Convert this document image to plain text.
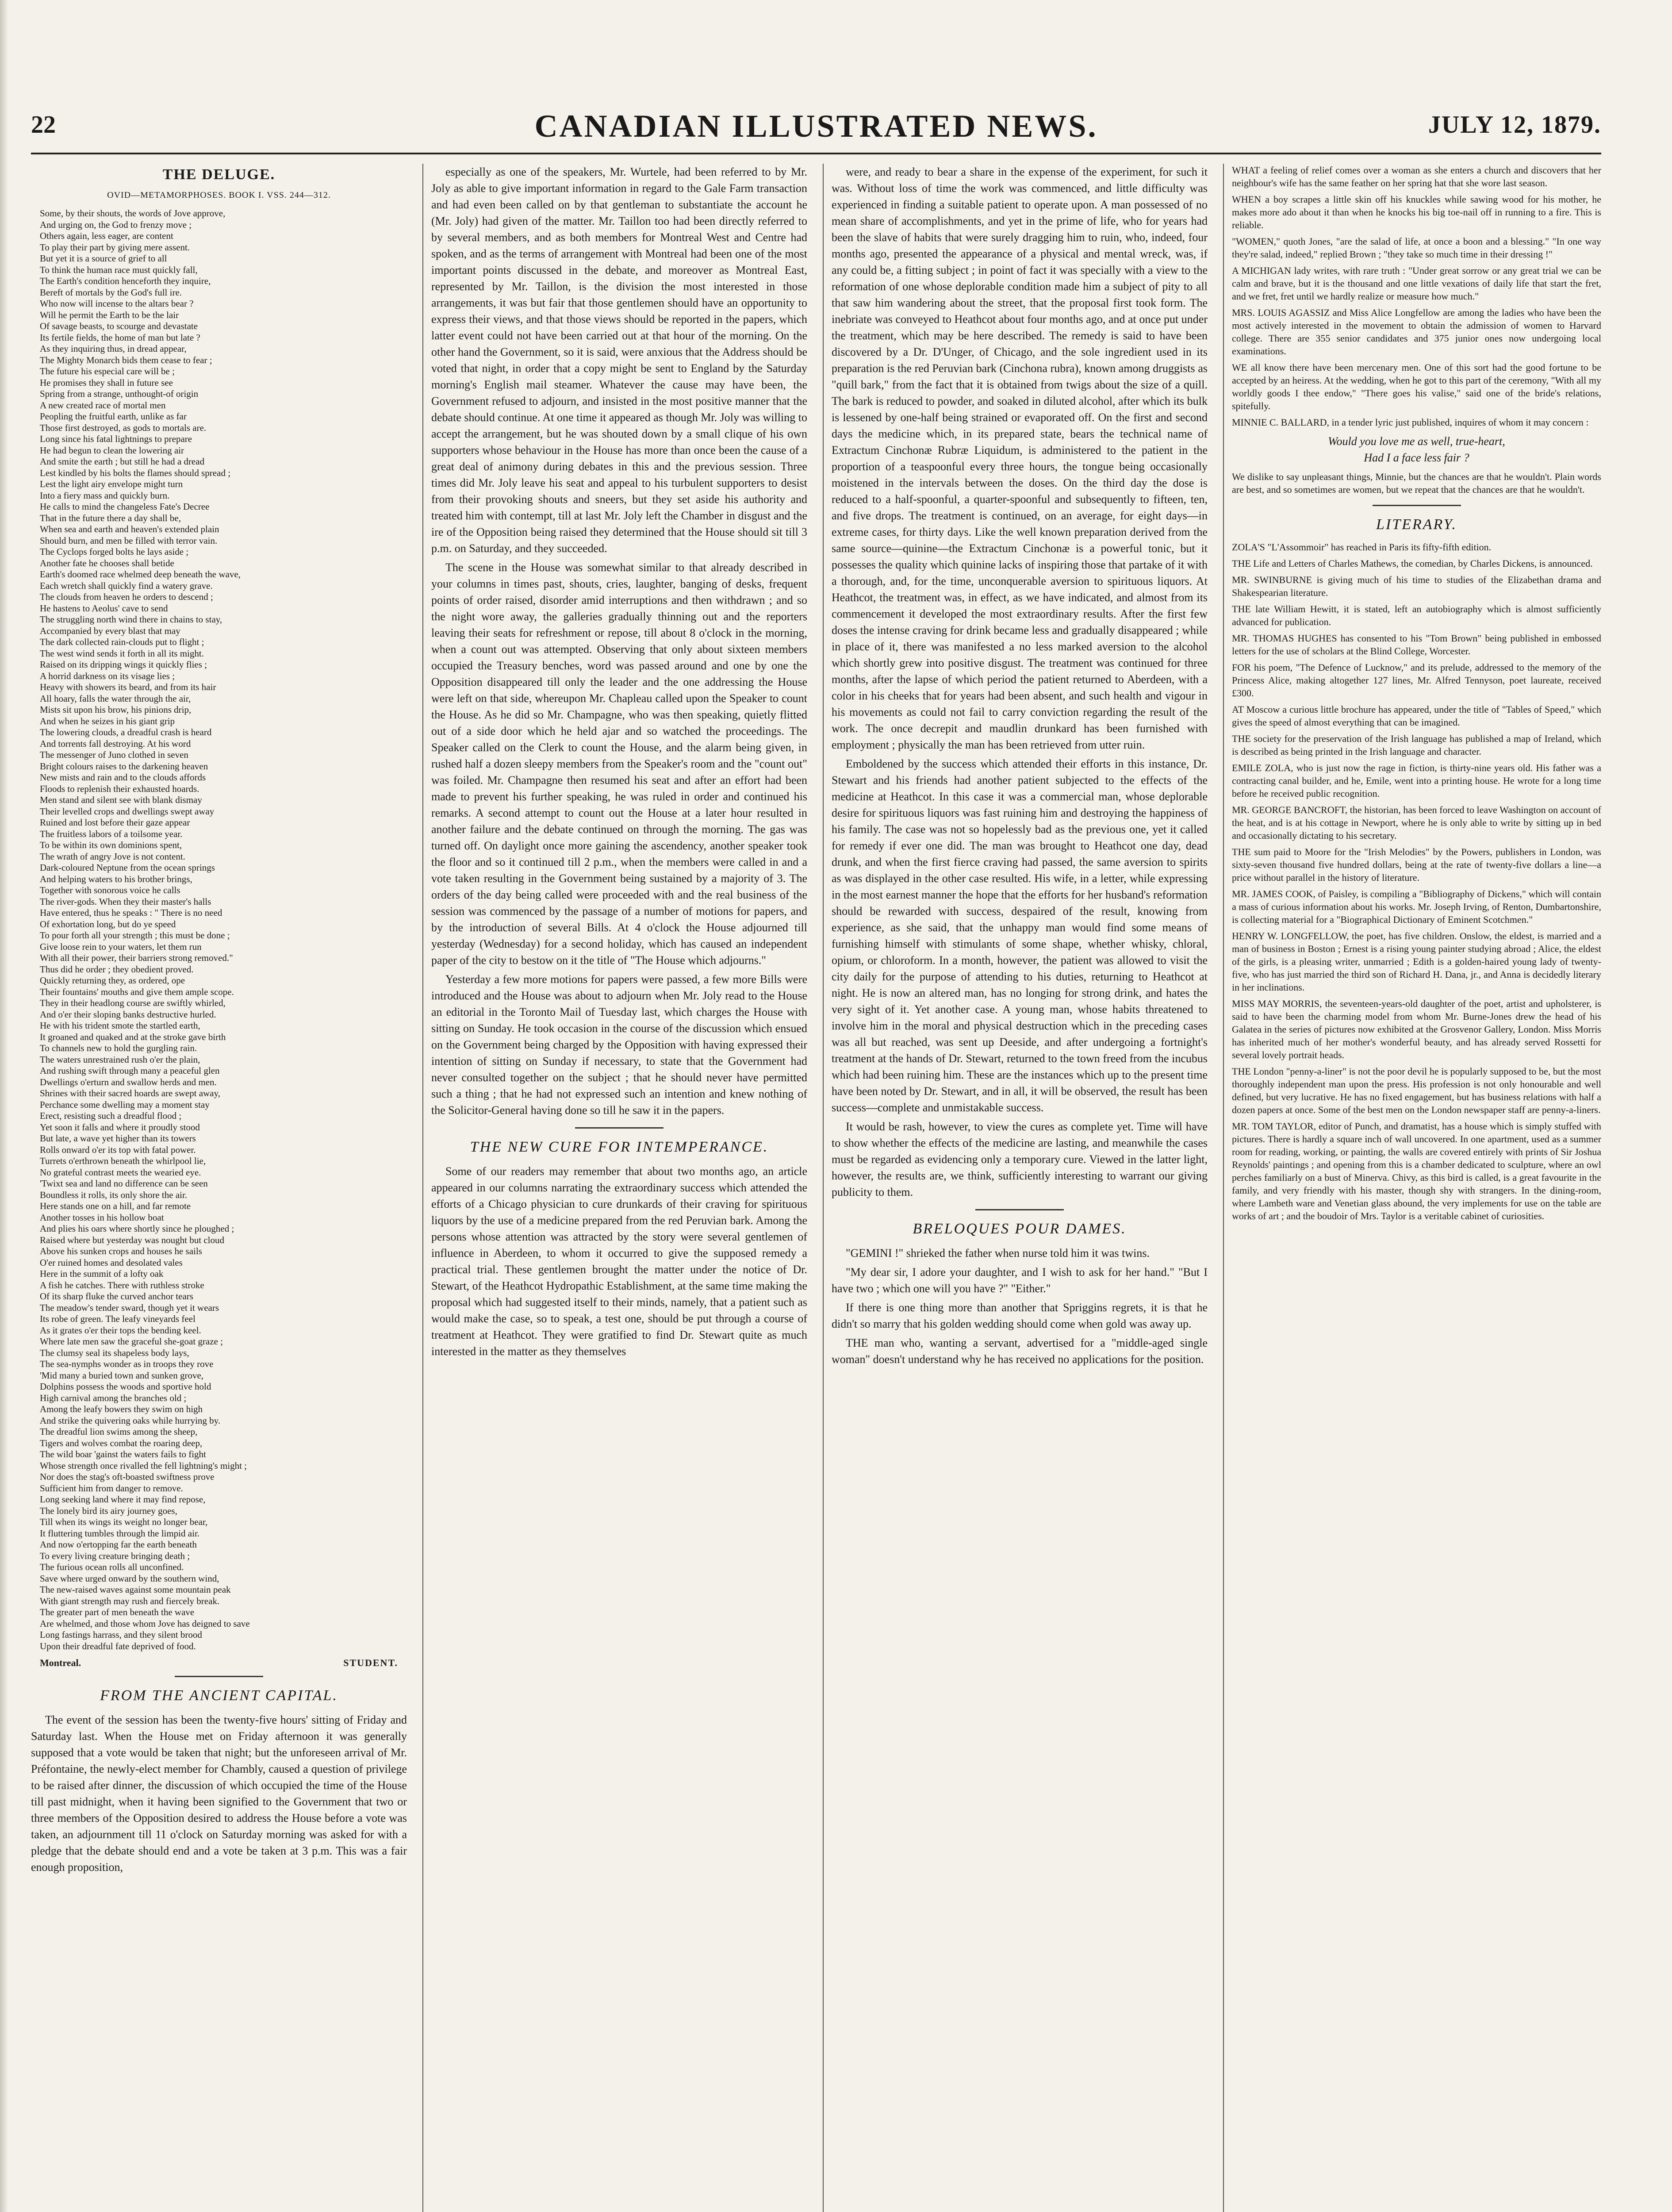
22	CANADIAN ILLUSTRATED NEWS.	JULY 12, 1879.
THE DELUGE.
OVID—METAMORPHOSES. BOOK I. VSS. 244—312.
Some, by their shouts, the words of Jove approve,
And urging on, the God to frenzy move ;
Others again, less eager, are content
To play their part by giving mere assent.
But yet it is a source of grief to all
To think the human race must quickly fall,
The Earth's condition henceforth they inquire,
Bereft of mortals by the God's full ire.
Who now will incense to the altars bear ?
Will he permit the Earth to be the lair
Of savage beasts, to scourge and devastate
Its fertile fields, the home of man but late ?
As they inquiring thus, in dread appear,
The Mighty Monarch bids them cease to fear ;
The future his especial care will be ;
He promises they shall in future see
Spring from a strange, unthought-of origin
A new created race of mortal men
Peopling the fruitful earth, unlike as far
Those first destroyed, as gods to mortals are.
Long since his fatal lightnings to prepare
He had begun to clean the lowering air
And smite the earth ; but still he had a dread
Lest kindled by his bolts the flames should spread ;
Lest the light airy envelope might turn
Into a fiery mass and quickly burn.
He calls to mind the changeless Fate's Decree
That in the future there a day shall be,
When sea and earth and heaven's extended plain
Should burn, and men be filled with terror vain.
The Cyclops forged bolts he lays aside ;
Another fate he chooses shall betide
Earth's doomed race whelmed deep beneath the wave,
Each wretch shall quickly find a watery grave.
The clouds from heaven he orders to descend ;
He hastens to Aeolus' cave to send
The struggling north wind there in chains to stay,
Accompanied by every blast that may
The dark collected rain-clouds put to flight ;
The west wind sends it forth in all its might.
Raised on its dripping wings it quickly flies ;
A horrid darkness on its visage lies ;
Heavy with showers its beard, and from its hair
All hoary, falls the water through the air,
Mists sit upon his brow, his pinions drip,
And when he seizes in his giant grip
The lowering clouds, a dreadful crash is heard
And torrents fall destroying. At his word
The messenger of Juno clothed in seven
Bright colours raises to the darkening heaven
New mists and rain and to the clouds affords
Floods to replenish their exhausted hoards.
Men stand and silent see with blank dismay
Their levelled crops and dwellings swept away
Ruined and lost before their gaze appear
The fruitless labors of a toilsome year.
To be within its own dominions spent,
The wrath of angry Jove is not content.
Dark-coloured Neptune from the ocean springs
And helping waters to his brother brings,
Together with sonorous voice he calls
The river-gods. When they their master's halls
Have entered, thus he speaks : " There is no need
Of exhortation long, but do ye speed
To pour forth all your strength ; this must be done ;
Give loose rein to your waters, let them run
With all their power, their barriers strong removed."
Thus did he order ; they obedient proved.
Quickly returning they, as ordered, ope
Their fountains' mouths and give them ample scope.
They in their headlong course are swiftly whirled,
And o'er their sloping banks destructive hurled.
He with his trident smote the startled earth,
It groaned and quaked and at the stroke gave birth
To channels new to hold the gurgling rain.
The waters unrestrained rush o'er the plain,
And rushing swift through many a peaceful glen
Dwellings o'erturn and swallow herds and men.
Shrines with their sacred hoards are swept away,
Perchance some dwelling may a moment stay
Erect, resisting such a dreadful flood ;
Yet soon it falls and where it proudly stood
But late, a wave yet higher than its towers
Rolls onward o'er its top with fatal power.
Turrets o'erthrown beneath the whirlpool lie,
No grateful contrast meets the wearied eye.
'Twixt sea and land no difference can be seen
Boundless it rolls, its only shore the air.
Here stands one on a hill, and far remote
Another tosses in his hollow boat
And plies his oars where shortly since he ploughed ;
Raised where but yesterday was nought but cloud
Above his sunken crops and houses he sails
O'er ruined homes and desolated vales
Here in the summit of a lofty oak
A fish he catches. There with ruthless stroke
Of its sharp fluke the curved anchor tears
The meadow's tender sward, though yet it wears
Its robe of green. The leafy vineyards feel
As it grates o'er their tops the bending keel.
Where late men saw the graceful she-goat graze ;
The clumsy seal its shapeless body lays,
The sea-nymphs wonder as in troops they rove
'Mid many a buried town and sunken grove,
Dolphins possess the woods and sportive hold
High carnival among the branches old ;
Among the leafy bowers they swim on high
And strike the quivering oaks while hurrying by.
The dreadful lion swims among the sheep,
Tigers and wolves combat the roaring deep,
The wild boar 'gainst the waters fails to fight
Whose strength once rivalled the fell lightning's might ;
Nor does the stag's oft-boasted swiftness prove
Sufficient him from danger to remove.
Long seeking land where it may find repose,
The lonely bird its airy journey goes,
Till when its wings its weight no longer bear,
It fluttering tumbles through the limpid air.
And now o'ertopping far the earth beneath
To every living creature bringing death ;
The furious ocean rolls all unconfined.
Save where urged onward by the southern wind,
The new-raised waves against some mountain peak
With giant strength may rush and fiercely break.
The greater part of men beneath the wave
Are whelmed, and those whom Jove has deigned to save
Long fastings harrass, and they silent brood
Upon their dreadful fate deprived of food.
Montreal.	STUDENT.
FROM THE ANCIENT CAPITAL.

The event of the session has been the twenty-five hours' sitting of Friday and Saturday last. When the House met on Friday afternoon it was generally supposed that a vote would be taken that night; but the unforeseen arrival of Mr. Préfontaine, the newly-elect member for Chambly, caused a question of privilege to be raised after dinner, the discussion of which occupied the time of the House till past midnight, when it having been signified to the Government that two or three members of the Opposition desired to address the House before a vote was taken, an adjournment till 11 o'clock on Saturday morning was asked for with a pledge that the debate should end and a vote be taken at 3 p.m. This was a fair enough proposition,

especially as one of the speakers, Mr. Wurtele, had been referred to by Mr. Joly as able to give important information in regard to the Gale Farm transaction and had even been called on by that gentleman to substantiate the account he (Mr. Joly) had given of the matter. Mr. Taillon too had been directly referred to by several members, and as both members for Montreal West and Centre had spoken, and as the terms of arrangement with Montreal had been one of the most important points discussed in the debate, and moreover as Montreal East, represented by Mr. Taillon, is the division the most interested in those arrangements, it was but fair that those gentlemen should have an opportunity to express their views, and that those views should be reported in the papers, which latter event could not have been carried out at that hour of the morning. On the other hand the Government, so it is said, were anxious that the Address should be voted that night, in order that a copy might be sent to England by the Saturday morning's English mail steamer. Whatever the cause may have been, the Government refused to adjourn, and insisted in the most positive manner that the debate should continue. At one time it appeared as though Mr. Joly was willing to accept the arrangement, but he was shouted down by a small clique of his own supporters whose behaviour in the House has more than once been the cause of a great deal of animony during debates in this and the previous session. Three times did Mr. Joly leave his seat and appeal to his turbulent supporters to desist from their provoking shouts and sneers, but they set aside his authority and treated him with contempt, till at last Mr. Joly left the Chamber in disgust and the ire of the Opposition being raised they determined that the House should sit till 3 p.m. on Saturday, and they succeeded.

The scene in the House was somewhat similar to that already described in your columns in times past, shouts, cries, laughter, banging of desks, frequent points of order raised, disorder amid interruptions and then withdrawn ; and so the night wore away, the galleries gradually thinning out and the reporters leaving their seats for refreshment or repose, till about 8 o'clock in the morning, when a count out was attempted. Observing that only about sixteen members occupied the Treasury benches, word was passed around and one by one the Opposition disappeared till only the leader and the one addressing the House were left on that side, whereupon Mr. Chapleau called upon the Speaker to count the House. As he did so Mr. Champagne, who was then speaking, quietly flitted out of a side door which he held ajar and so watched the proceedings. The Speaker called on the Clerk to count the House, and the alarm being given, in rushed half a dozen sleepy members from the Speaker's room and the "count out" was foiled. Mr. Champagne then resumed his seat and after an effort had been made to prevent his further speaking, he was ruled in order and continued his remarks. A second attempt to count out the House at a later hour resulted in another failure and the debate continued on through the morning. The gas was turned off. On daylight once more gaining the ascendency, another speaker took the floor and so it continued till 2 p.m., when the members were called in and a vote taken resulting in the Government being sustained by a majority of 3. The orders of the day being called were proceeded with and the real business of the session was commenced by the passage of a number of motions for papers, and by the introduction of several Bills. At 4 o'clock the House adjourned till yesterday (Wednesday) for a second holiday, which has caused an independent paper of the city to bestow on it the title of "The House which adjourns."

Yesterday a few more motions for papers were passed, a few more Bills were introduced and the House was about to adjourn when Mr. Joly read to the House an editorial in the Toronto Mail of Tuesday last, which charges the House with sitting on Sunday. He took occasion in the course of the discussion which ensued on the Government being charged by the Opposition with having expressed their intention of sitting on Sunday if necessary, to state that the Government had never consulted together on the subject ; that he should never have permitted such a thing ; that he had not expressed such an intention and knew nothing of the Solicitor-General having done so till he saw it in the papers.

THE NEW CURE FOR INTEMPERANCE.

Some of our readers may remember that about two months ago, an article appeared in our columns narrating the extraordinary success which attended the efforts of a Chicago physician to cure drunkards of their craving for spirituous liquors by the use of a medicine prepared from the red Peruvian bark. Among the persons whose attention was attracted by the story were several gentlemen of influence in Aberdeen, to whom it occurred to give the supposed remedy a practical trial. These gentlemen brought the matter under the notice of Dr. Stewart, of the Heathcot Hydropathic Establishment, at the same time making the proposal which had suggested itself to their minds, namely, that a patient such as would make the case, so to speak, a test one, should be put through a course of treatment at Heathcot. They were gratified to find Dr. Stewart quite as much interested in the matter as they themselves

were, and ready to bear a share in the expense of the experiment, for such it was. Without loss of time the work was commenced, and little difficulty was experienced in finding a suitable patient to operate upon. A man possessed of no mean share of accomplishments, and yet in the prime of life, who for years had been the slave of habits that were surely dragging him to ruin, who, indeed, four months ago, presented the appearance of a physical and mental wreck, was, if any could be, a fitting subject ; in point of fact it was specially with a view to the reformation of one whose deplorable condition made him a subject of pity to all that saw him wandering about the street, that the proposal first took form. The inebriate was conveyed to Heathcot about four months ago, and at once put under the treatment, which may be here described. The remedy is said to have been discovered by a Dr. D'Unger, of Chicago, and the sole ingredient used in its preparation is the red Peruvian bark (Cinchona rubra), known among druggists as "quill bark," from the fact that it is obtained from twigs about the size of a quill. The bark is reduced to powder, and soaked in diluted alcohol, after which its bulk is lessened by one-half being strained or evaporated off. On the first and second days the medicine which, in its prepared state, bears the technical name of Extractum Cinchonæ Rubræ Liquidum, is administered to the patient in the proportion of a teaspoonful every three hours, the tongue being occasionally moistened in the intervals between the doses. On the third day the dose is reduced to a half-spoonful, a quarter-spoonful and subsequently to fifteen, ten, and five drops. The treatment is continued, on an average, for eight days—in extreme cases, for thirty days. Like the well known preparation derived from the same source—quinine—the Extractum Cinchonæ is a powerful tonic, but it possesses the quality which quinine lacks of inspiring those that partake of it with a thorough, and, for the time, unconquerable aversion to spirituous liquors. At Heathcot, the treatment was, in effect, as we have indicated, and almost from its commencement it developed the most extraordinary results. After the first few doses the intense craving for drink became less and gradually disappeared ; while in place of it, there was manifested a no less marked aversion to the alcohol which shortly grew into positive disgust. The treatment was continued for three months, after the lapse of which period the patient returned to Aberdeen, with a color in his cheeks that for years had been absent, and such health and vigour in his movements as could not fail to carry conviction regarding the result of the work. The once decrepit and maudlin drunkard has been furnished with employment ; physically the man has been retrieved from utter ruin.

Emboldened by the success which attended their efforts in this instance, Dr. Stewart and his friends had another patient subjected to the effects of the medicine at Heathcot. In this case it was a commercial man, whose deplorable desire for spirituous liquors was fast ruining him and destroying the happiness of his family. The case was not so hopelessly bad as the previous one, yet it called for remedy if ever one did. The man was brought to Heathcot one day, dead drunk, and when the first fierce craving had passed, the same aversion to spirits as was displayed in the other case resulted. His wife, in a letter, while expressing in the most earnest manner the hope that the efforts for her husband's reformation should be rewarded with success, despaired of the result, knowing from experience, as she said, that the unhappy man would find some means of furnishing himself with stimulants of some shape, whether whisky, chloral, opium, or chloroform. In a month, however, the patient was allowed to visit the city daily for the purpose of attending to his duties, returning to Heathcot at night. He is now an altered man, has no longing for strong drink, and hates the very sight of it. Yet another case. A young man, whose habits threatened to involve him in the moral and physical destruction which in the preceding cases was all but reached, was sent up Deeside, and after undergoing a fortnight's treatment at the hands of Dr. Stewart, returned to the town freed from the incubus which had been ruining him. These are the instances which up to the present time have been noted by Dr. Stewart, and in all, it will be observed, the result has been success—complete and unmistakable success.

It would be rash, however, to view the cures as complete yet. Time will have to show whether the effects of the medicine are lasting, and meanwhile the cases must be regarded as evidencing only a temporary cure. Viewed in the latter light, however, the results are, we think, sufficiently interesting to warrant our giving publicity to them.

BRELOQUES POUR DAMES.

"GEMINI !" shrieked the father when nurse told him it was twins.

"My dear sir, I adore your daughter, and I wish to ask for her hand." "But I have two ; which one will you have ?" "Either."

If there is one thing more than another that Spriggins regrets, it is that he didn't so marry that his golden wedding should come when gold was away up.

THE man who, wanting a servant, advertised for a "middle-aged single woman" doesn't understand why he has received no applications for the position.

WHAT a feeling of relief comes over a woman as she enters a church and discovers that her neighbour's wife has the same feather on her spring hat that she wore last season.

WHEN a boy scrapes a little skin off his knuckles while sawing wood for his mother, he makes more ado about it than when he knocks his big toe-nail off in running to a fire. This is reliable.

"WOMEN," quoth Jones, "are the salad of life, at once a boon and a blessing." "In one way they're salad, indeed," replied Brown ; "they take so much time in their dressing !"

A MICHIGAN lady writes, with rare truth : "Under great sorrow or any great trial we can be calm and brave, but it is the thousand and one little vexations of daily life that start the fret, and we fret, fret until we hardly realize or measure how much."

MRS. LOUIS AGASSIZ and Miss Alice Longfellow are among the ladies who have been the most actively interested in the movement to obtain the admission of women to Harvard college. There are 355 senior candidates and 375 junior ones now undergoing local examinations.

WE all know there have been mercenary men. One of this sort had the good fortune to be accepted by an heiress. At the wedding, when he got to this part of the ceremony, "With all my worldly goods I thee endow," "There goes his valise," said one of the bride's relations, spitefully.

MINNIE C. BALLARD, in a tender lyric just published, inquires of whom it may concern :

Would you love me as well, true-heart,
Had I a face less fair ?

We dislike to say unpleasant things, Minnie, but the chances are that he wouldn't. Plain words are best, and so sometimes are women, but we repeat that the chances are that he wouldn't.

LITERARY.

ZOLA'S "L'Assommoir" has reached in Paris its fifty-fifth edition.

THE Life and Letters of Charles Mathews, the comedian, by Charles Dickens, is announced.

MR. SWINBURNE is giving much of his time to studies of the Elizabethan drama and Shakespearian literature.

THE late William Hewitt, it is stated, left an autobiography which is almost sufficiently advanced for publication.

MR. THOMAS HUGHES has consented to his "Tom Brown" being published in embossed letters for the use of scholars at the Blind College, Worcester.

FOR his poem, "The Defence of Lucknow," and its prelude, addressed to the memory of the Princess Alice, making altogether 127 lines, Mr. Alfred Tennyson, poet laureate, received £300.

AT Moscow a curious little brochure has appeared, under the title of "Tables of Speed," which gives the speed of almost everything that can be imagined.

THE society for the preservation of the Irish language has published a map of Ireland, which is described as being printed in the Irish language and character.

EMILE ZOLA, who is just now the rage in fiction, is thirty-nine years old. His father was a contracting canal builder, and he, Emile, went into a printing house. He wrote for a long time before he received public recognition.

MR. GEORGE BANCROFT, the historian, has been forced to leave Washington on account of the heat, and is at his cottage in Newport, where he is only able to write by sitting up in bed and occasionally dictating to his secretary.

THE sum paid to Moore for the "Irish Melodies" by the Powers, publishers in London, was sixty-seven thousand five hundred dollars, being at the rate of twenty-five dollars a line—a price without parallel in the history of literature.

MR. JAMES COOK, of Paisley, is compiling a "Bibliography of Dickens," which will contain a mass of curious information about his works. Mr. Joseph Irving, of Renton, Dumbartonshire, is collecting material for a "Biographical Dictionary of Eminent Scotchmen."

HENRY W. LONGFELLOW, the poet, has five children. Onslow, the eldest, is married and a man of business in Boston ; Ernest is a rising young painter studying abroad ; Alice, the eldest of the girls, is a pleasing writer, unmarried ; Edith is a golden-haired young lady of twenty-five, who has just married the third son of Richard H. Dana, jr., and Anna is decidedly literary in her inclinations.

MISS MAY MORRIS, the seventeen-years-old daughter of the poet, artist and upholsterer, is said to have been the charming model from whom Mr. Burne-Jones drew the head of his Galatea in the series of pictures now exhibited at the Grosvenor Gallery, London. Miss Morris has inherited much of her mother's wonderful beauty, and has already served Rossetti for several lovely portrait heads.

THE London "penny-a-liner" is not the poor devil he is popularly supposed to be, but the most thoroughly independent man upon the press. His profession is not only honourable and well defined, but very lucrative. He has no fixed engagement, but has business relations with half a dozen papers at once. Some of the best men on the London newspaper staff are penny-a-liners.

MR. TOM TAYLOR, editor of Punch, and dramatist, has a house which is simply stuffed with pictures. There is hardly a square inch of wall uncovered. In one apartment, used as a summer room for reading, working, or painting, the walls are covered entirely with prints of Sir Joshua Reynolds' paintings ; and opening from this is a chamber dedicated to sculpture, where an owl perches familiarly on a bust of Minerva. Chivy, as this bird is called, is a great favourite in the family, and very friendly with his master, though shy with strangers. In the dining-room, where Lambeth ware and Venetian glass abound, the very implements for use on the table are works of art ; and the boudoir of Mrs. Taylor is a veritable cabinet of curiosities.
